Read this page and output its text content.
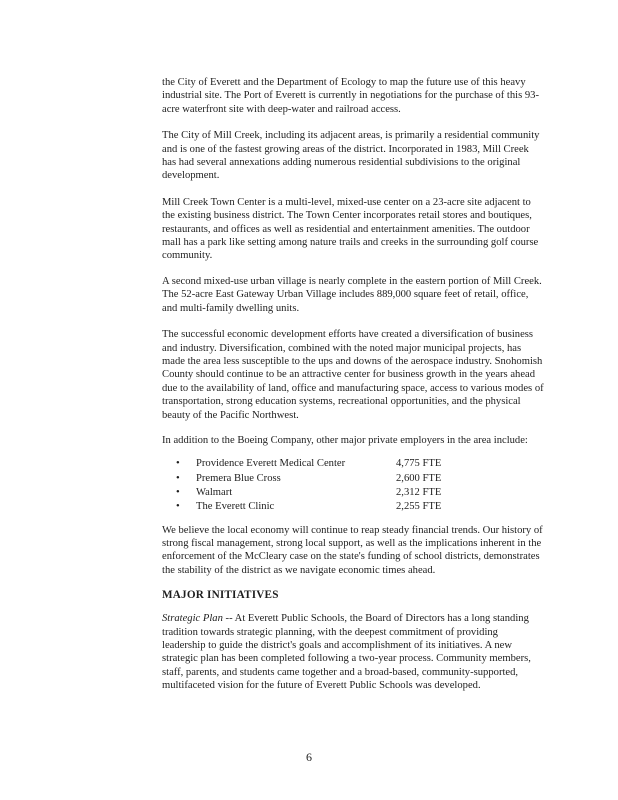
the City of Everett and the Department of Ecology to map the future use of this heavy industrial site. The Port of Everett is currently in negotiations for the purchase of this 93-acre waterfront site with deep-water and railroad access.

The City of Mill Creek, including its adjacent areas, is primarily a residential community and is one of the fastest growing areas of the district. Incorporated in 1983, Mill Creek has had several annexations adding numerous residential subdivisions to the original development.

Mill Creek Town Center is a multi-level, mixed-use center on a 23-acre site adjacent to the existing business district. The Town Center incorporates retail stores and boutiques, restaurants, and offices as well as residential and entertainment amenities. The outdoor mall has a park like setting among nature trails and creeks in the surrounding golf course community.

A second mixed-use urban village is nearly complete in the eastern portion of Mill Creek. The 52-acre East Gateway Urban Village includes 889,000 square feet of retail, office, and multi-family dwelling units.

The successful economic development efforts have created a diversification of business and industry. Diversification, combined with the noted major municipal projects, has made the area less susceptible to the ups and downs of the aerospace industry. Snohomish County should continue to be an attractive center for business growth in the years ahead due to the availability of land, office and manufacturing space, access to various modes of transportation, strong education systems, recreational opportunities, and the physical beauty of the Pacific Northwest.

In addition to the Boeing Company, other major private employers in the area include:

•	Providence Everett Medical Center	4,775 FTE
•	Premera Blue Cross	2,600 FTE
•	Walmart	2,312 FTE
•	The Everett Clinic	2,255 FTE

We believe the local economy will continue to reap steady financial trends. Our history of strong fiscal management, strong local support, as well as the implications inherent in the enforcement of the McCleary case on the state's funding of school districts, demonstrates the stability of the district as we navigate economic times ahead.

MAJOR INITIATIVES

Strategic Plan -- At Everett Public Schools, the Board of Directors has a long standing tradition towards strategic planning, with the deepest commitment of providing leadership to guide the district's goals and accomplishment of its initiatives. A new strategic plan has been completed following a two-year process. Community members, staff, parents, and students came together and a broad-based, community-supported, multifaceted vision for the future of Everett Public Schools was developed.

6
